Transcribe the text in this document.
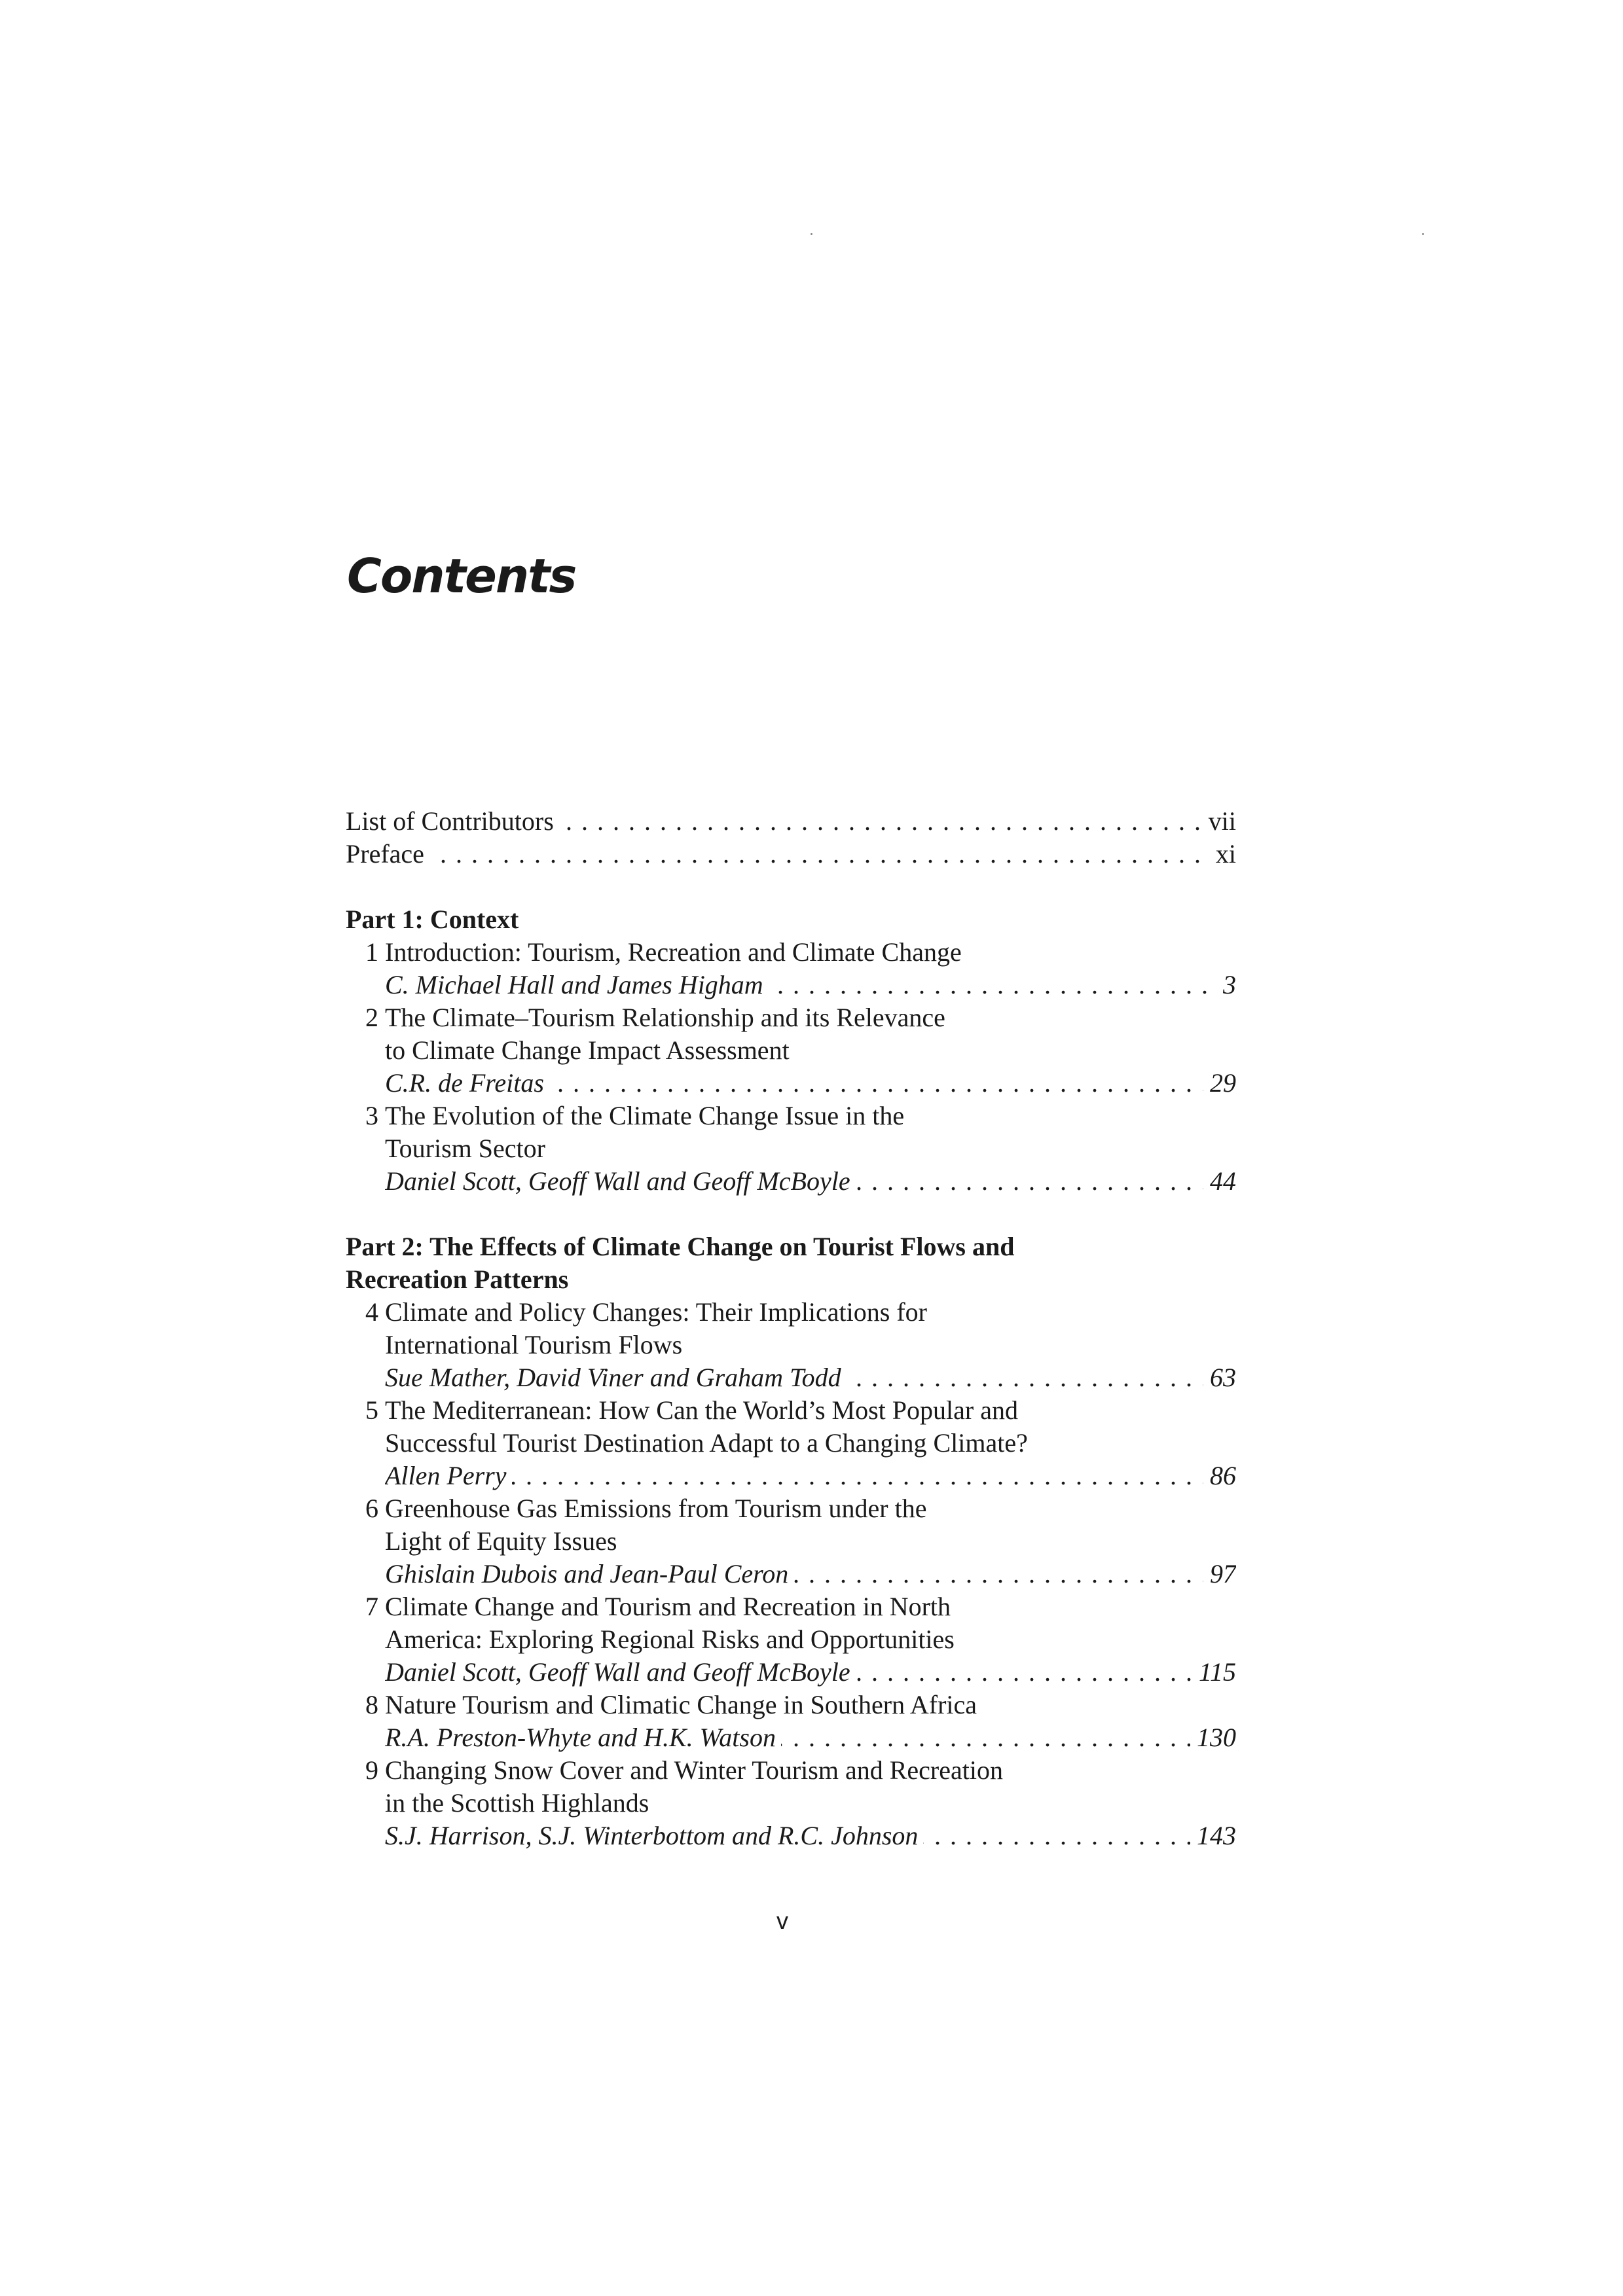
Contents
List of Contributors	vii
. . .
Preface	xi
. . .
Part 1: Context
1 Introduction: Tourism, Recreation and Climate Change
C. Michael Hall and James Higham	3
. . .
2 The Climate–Tourism Relationship and its Relevance
to Climate Change Impact Assessment
C.R. de Freitas	29
. . .
3 The Evolution of the Climate Change Issue in the
Tourism Sector
Daniel Scott, Geoff Wall and Geoff McBoyle	44
. . .
Part 2: The Effects of Climate Change on Tourist Flows and
Recreation Patterns
4 Climate and Policy Changes: Their Implications for
International Tourism Flows
Sue Mather, David Viner and Graham Todd	63
. . .
5 The Mediterranean: How Can the World’s Most Popular and
Successful Tourist Destination Adapt to a Changing Climate?
Allen Perry	86
. . .
6 Greenhouse Gas Emissions from Tourism under the
Light of Equity Issues
Ghislain Dubois and Jean-Paul Ceron	97
. . .
7 Climate Change and Tourism and Recreation in North
America: Exploring Regional Risks and Opportunities
Daniel Scott, Geoff Wall and Geoff McBoyle	115
. . .
8 Nature Tourism and Climatic Change in Southern Africa
R.A. Preston-Whyte and H.K. Watson	130
. . .
9 Changing Snow Cover and Winter Tourism and Recreation
in the Scottish Highlands
S.J. Harrison, S.J. Winterbottom and R.C. Johnson	143
. . .
v
